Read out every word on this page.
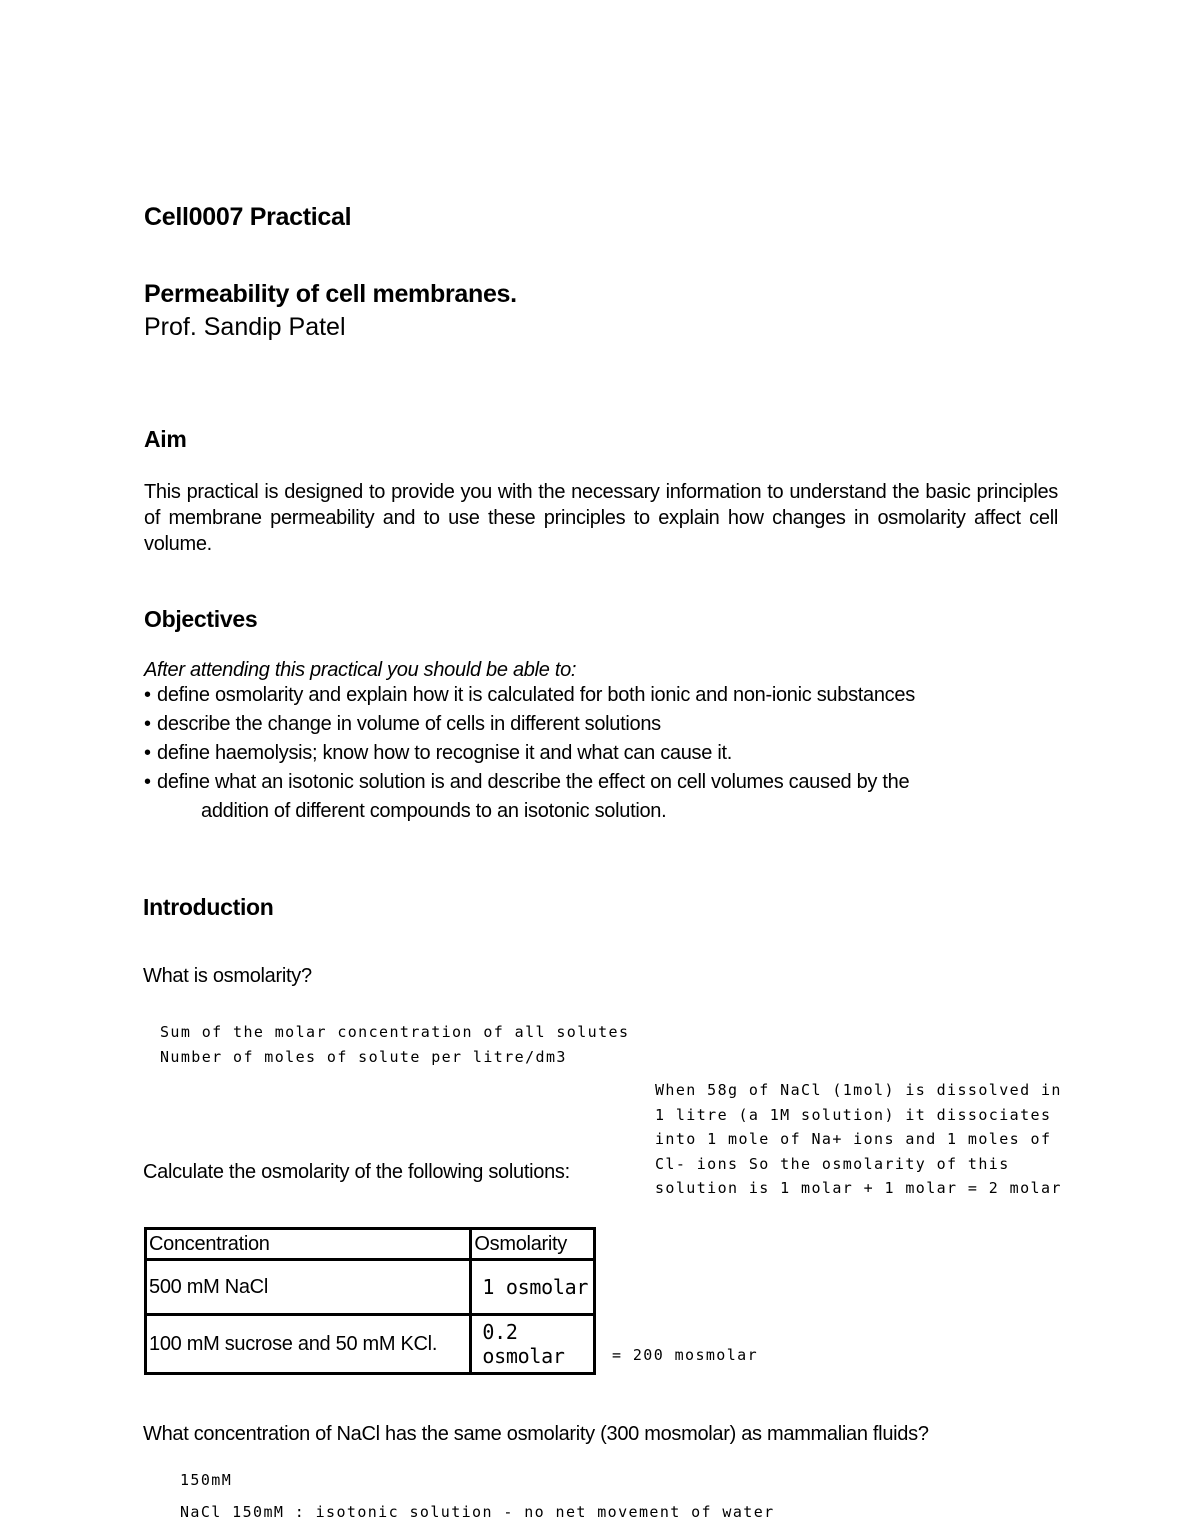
Cell0007 Practical
Permeability of cell membranes.
Prof. Sandip Patel
Aim
This practical is designed to provide you with the necessary information to understand the basic principles of membrane permeability and to use these principles to explain how changes in osmolarity affect cell volume.
Objectives
After attending this practical you should be able to:
• define osmolarity and explain how it is calculated for both ionic and non-ionic substances
• describe the change in volume of cells in different solutions
• define haemolysis; know how to recognise it and what can cause it.
• define what an isotonic solution is and describe the effect on cell volumes caused by the
addition of different compounds to an isotonic solution.
Introduction
What is osmolarity?
Sum of the molar concentration of all solutes
Number of moles of solute per litre/dm3
When 58g of NaCl (1mol) is dissolved in
1 litre (a 1M solution) it dissociates
into 1 mole of Na+ ions and 1 moles of
Cl- ions So the osmolarity of this
solution is 1 molar + 1 molar = 2 molar
Calculate the osmolarity of the following solutions:
Concentration	Osmolarity
500 mM NaCl	1 osmolar
100 mM sucrose and 50 mM KCl.	0.2 osmolar	= 200 mosmolar
What concentration of NaCl has the same osmolarity (300 mosmolar) as mammalian fluids?
150mM
NaCl 150mM : isotonic solution - no net movement of water
